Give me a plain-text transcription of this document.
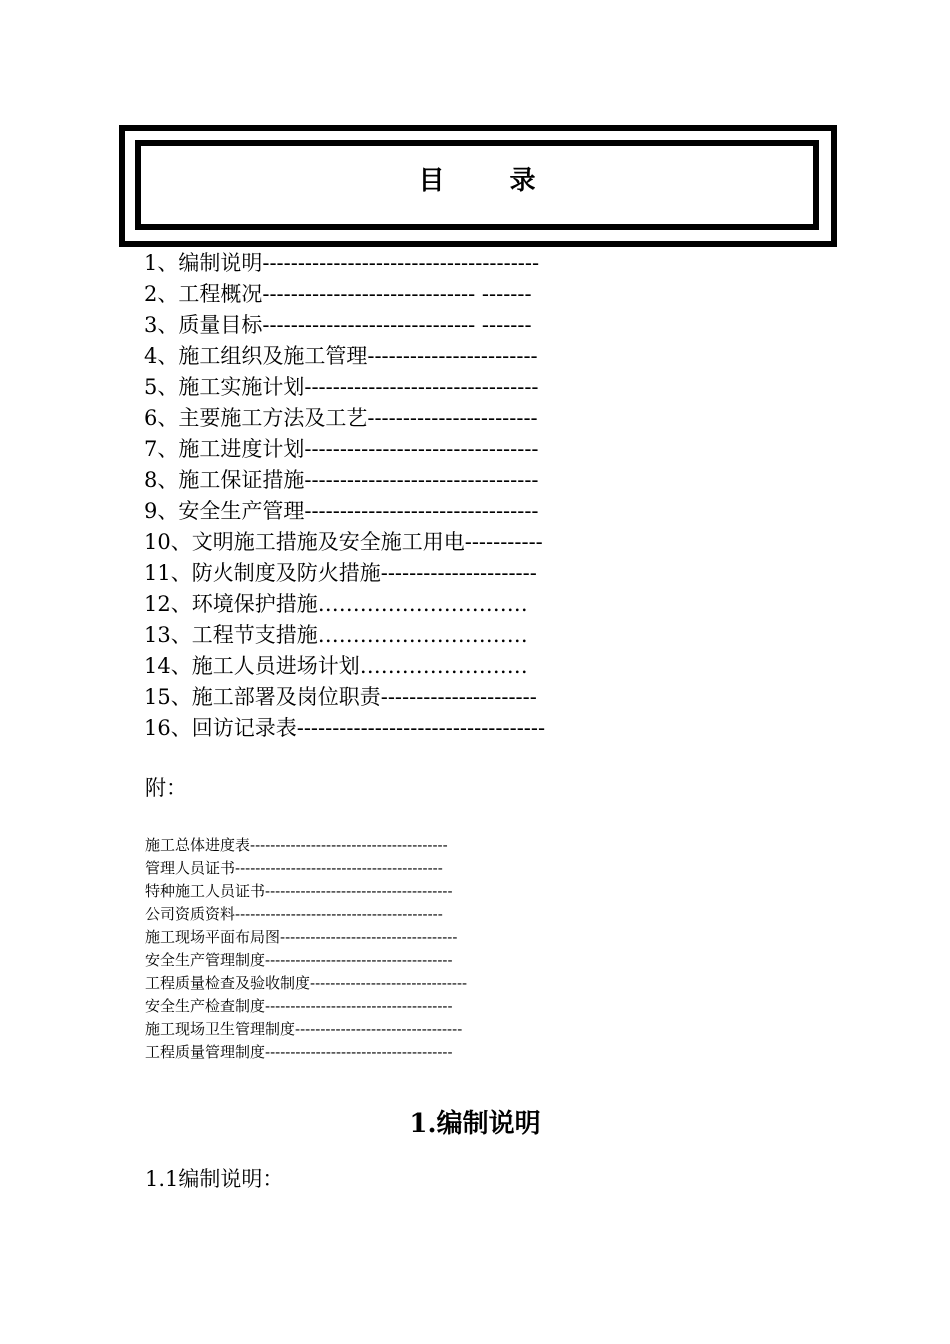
目 录
1、编制说明---------------------------------------
2、工程概况------------------------------ -------
3、质量目标------------------------------ -------
4、施工组织及施工管理------------------------
5、施工实施计划---------------------------------
6、主要施工方法及工艺------------------------
7、施工进度计划---------------------------------
8、施工保证措施---------------------------------
9、安全生产管理---------------------------------
10、文明施工措施及安全施工用电-----------
11、防火制度及防火措施----------------------
12、环境保护措施…………………………
13、工程节支措施…………………………
14、施工人员进场计划……………………
15、施工部署及岗位职责----------------------
16、回访记录表-----------------------------------
附：
施工总体进度表---------------------------------------
管理人员证书-----------------------------------------
特种施工人员证书-------------------------------------
公司资质资料-----------------------------------------
施工现场平面布局图-----------------------------------
安全生产管理制度-------------------------------------
工程质量检查及验收制度-------------------------------
安全生产检查制度-------------------------------------
施工现场卫生管理制度---------------------------------
工程质量管理制度-------------------------------------
1.编制说明
1.1编制说明：
